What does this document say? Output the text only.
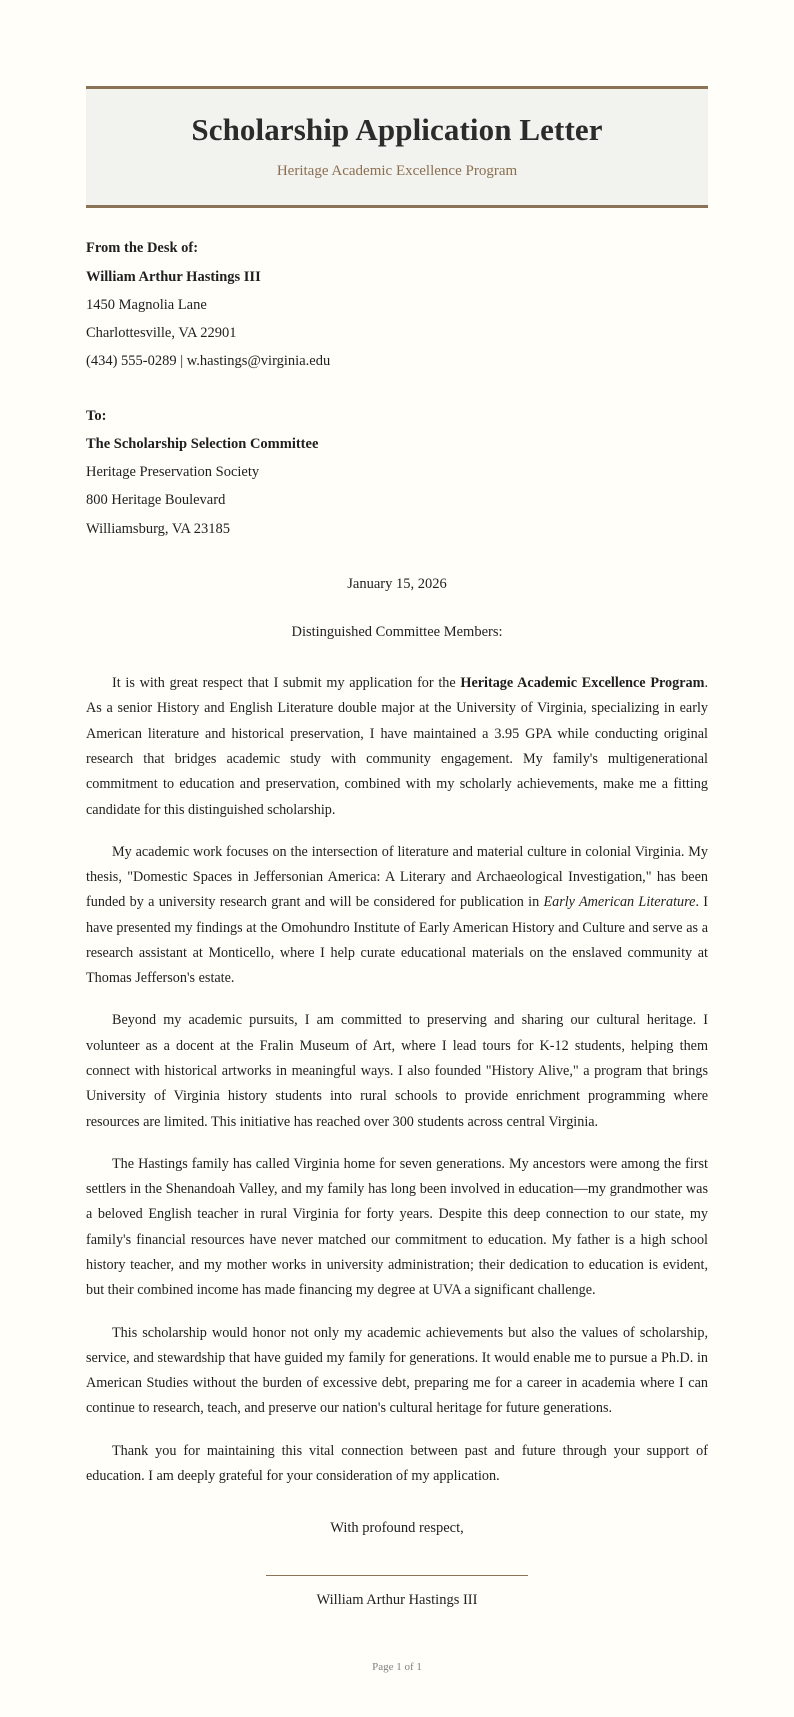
Scholarship Application Letter

Heritage Academic Excellence Program

From the Desk of:
William Arthur Hastings III
1450 Magnolia Lane
Charlottesville, VA 22901
(434) 555-0289 | w.hastings@virginia.edu
To:
The Scholarship Selection Committee
Heritage Preservation Society
800 Heritage Boulevard
Williamsburg, VA 23185
January 15, 2026
Distinguished Committee Members:

It is with great respect that I submit my application for the Heritage Academic Excellence Program. As a senior History and English Literature double major at the University of Virginia, specializing in early American literature and historical preservation, I have maintained a 3.95 GPA while conducting original research that bridges academic study with community engagement. My family's multigenerational commitment to education and preservation, combined with my scholarly achievements, make me a fitting candidate for this distinguished scholarship.

My academic work focuses on the intersection of literature and material culture in colonial Virginia. My thesis, "Domestic Spaces in Jeffersonian America: A Literary and Archaeological Investigation," has been funded by a university research grant and will be considered for publication in Early American Literature. I have presented my findings at the Omohundro Institute of Early American History and Culture and serve as a research assistant at Monticello, where I help curate educational materials on the enslaved community at Thomas Jefferson's estate.

Beyond my academic pursuits, I am committed to preserving and sharing our cultural heritage. I volunteer as a docent at the Fralin Museum of Art, where I lead tours for K-12 students, helping them connect with historical artworks in meaningful ways. I also founded "History Alive," a program that brings University of Virginia history students into rural schools to provide enrichment programming where resources are limited. This initiative has reached over 300 students across central Virginia.

The Hastings family has called Virginia home for seven generations. My ancestors were among the first settlers in the Shenandoah Valley, and my family has long been involved in education—my grandmother was a beloved English teacher in rural Virginia for forty years. Despite this deep connection to our state, my family's financial resources have never matched our commitment to education. My father is a high school history teacher, and my mother works in university administration; their dedication to education is evident, but their combined income has made financing my degree at UVA a significant challenge.

This scholarship would honor not only my academic achievements but also the values of scholarship, service, and stewardship that have guided my family for generations. It would enable me to pursue a Ph.D. in American Studies without the burden of excessive debt, preparing me for a career in academia where I can continue to research, teach, and preserve our nation's cultural heritage for future generations.

Thank you for maintaining this vital connection between past and future through your support of education. I am deeply grateful for your consideration of my application.

With profound respect,
William Arthur Hastings III
Page 1 of 1
